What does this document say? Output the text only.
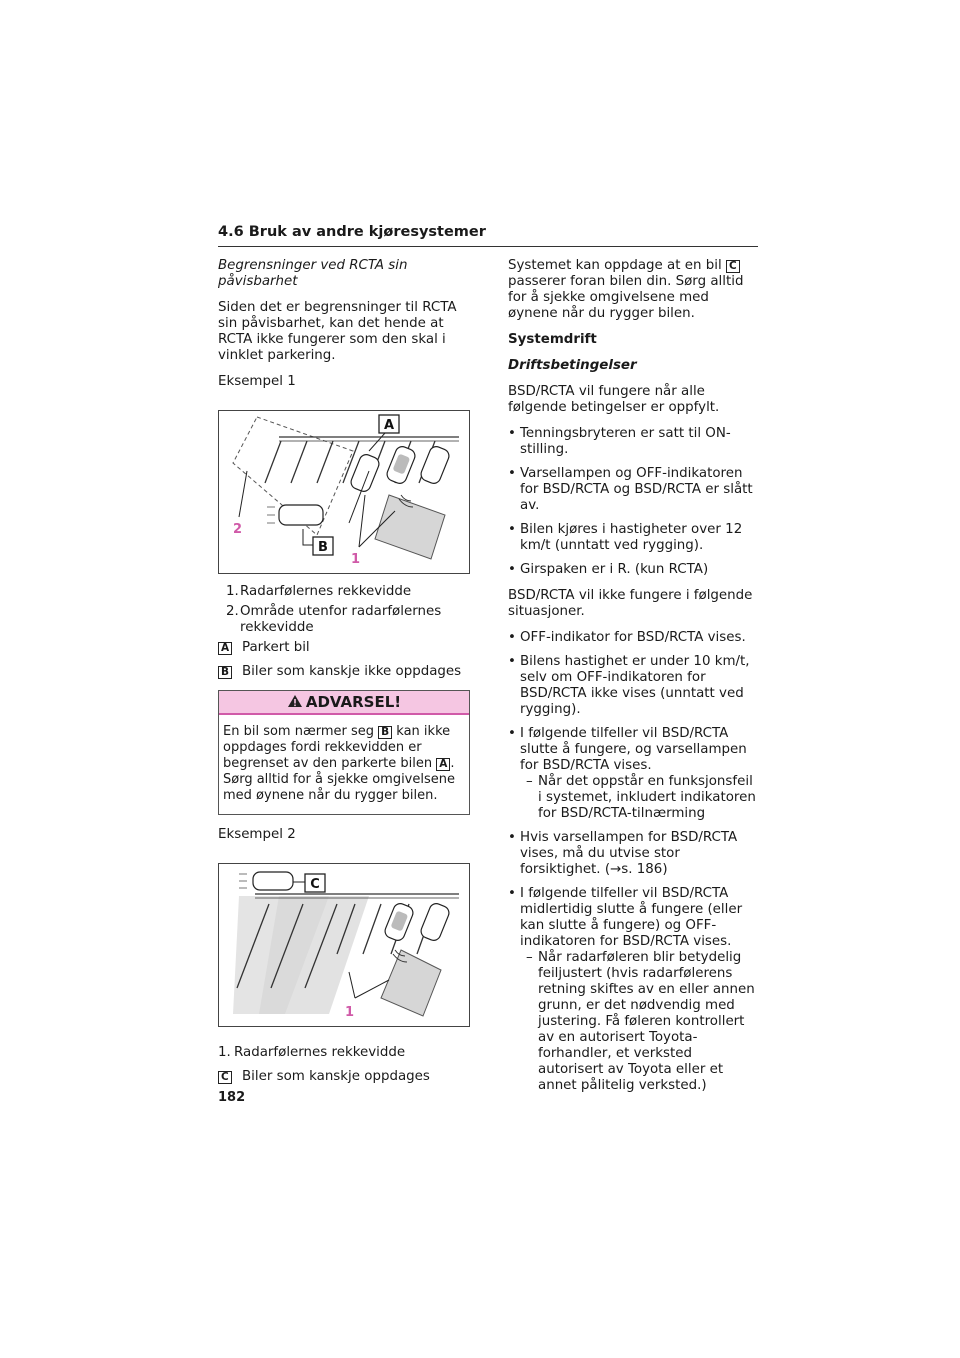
4.6 Bruk av andre kjøresystemer

Begrensninger ved RCTA sin påvisbarhet

Siden det er begrensninger til RCTA sin påvisbarhet, kan det hende at RCTA ikke fungerer som den skal i vinklet parkering.

Eksempel 1

A
B
1
2
1. Radarfølernes rekkevidde
2. Område utenfor radarfølernes rekkevidde
A Parkert bil
B Biler som kanskje ikke oppdages
ADVARSEL!
En bil som nærmer seg B kan ikke oppdages fordi rekkevidden er begrenset av den parkerte bilen A . Sørg alltid for å sjekke omgivelsene med øynene når du rygger bilen.

Eksempel 2

C
1
1. Radarfølernes rekkevidde
C Biler som kanskje oppdages

Systemet kan oppdage at en bil C passerer foran bilen din. Sørg alltid for å sjekke omgivelsene med øynene når du rygger bilen.

Systemdrift

Driftsbetingelser

BSD/RCTA vil fungere når alle følgende betingelser er oppfylt.

• Tenningsbryteren er satt til ON-stilling.
• Varsellampen og OFF-indikatoren for BSD/RCTA og BSD/RCTA er slått av.
• Bilen kjøres i hastigheter over 12 km/t (unntatt ved rygging).
• Girspaken er i R. (kun RCTA)

BSD/RCTA vil ikke fungere i følgende situasjoner.

• OFF-indikator for BSD/RCTA vises.
• Bilens hastighet er under 10 km/t, selv om OFF-indikatoren for BSD/RCTA ikke vises (unntatt ved rygging).
• I følgende tilfeller vil BSD/RCTA slutte å fungere, og varsellampen for BSD/RCTA vises.
– Når det oppstår en funksjonsfeil i systemet, inkludert indikatoren for BSD/RCTA-tilnærming
• Hvis varsellampen for BSD/RCTA vises, må du utvise stor forsiktighet. (→s. 186)
• I følgende tilfeller vil BSD/RCTA midlertidig slutte å fungere (eller kan slutte å fungere) og OFF-indikatoren for BSD/RCTA vises.
– Når radarføleren blir betydelig feiljustert (hvis radarfølerens retning skiftes av en eller annen grunn, er det nødvendig med justering. Få føleren kontrollert av en autorisert Toyota-forhandler, et verksted autorisert av Toyota eller et annet pålitelig verksted.)
182
